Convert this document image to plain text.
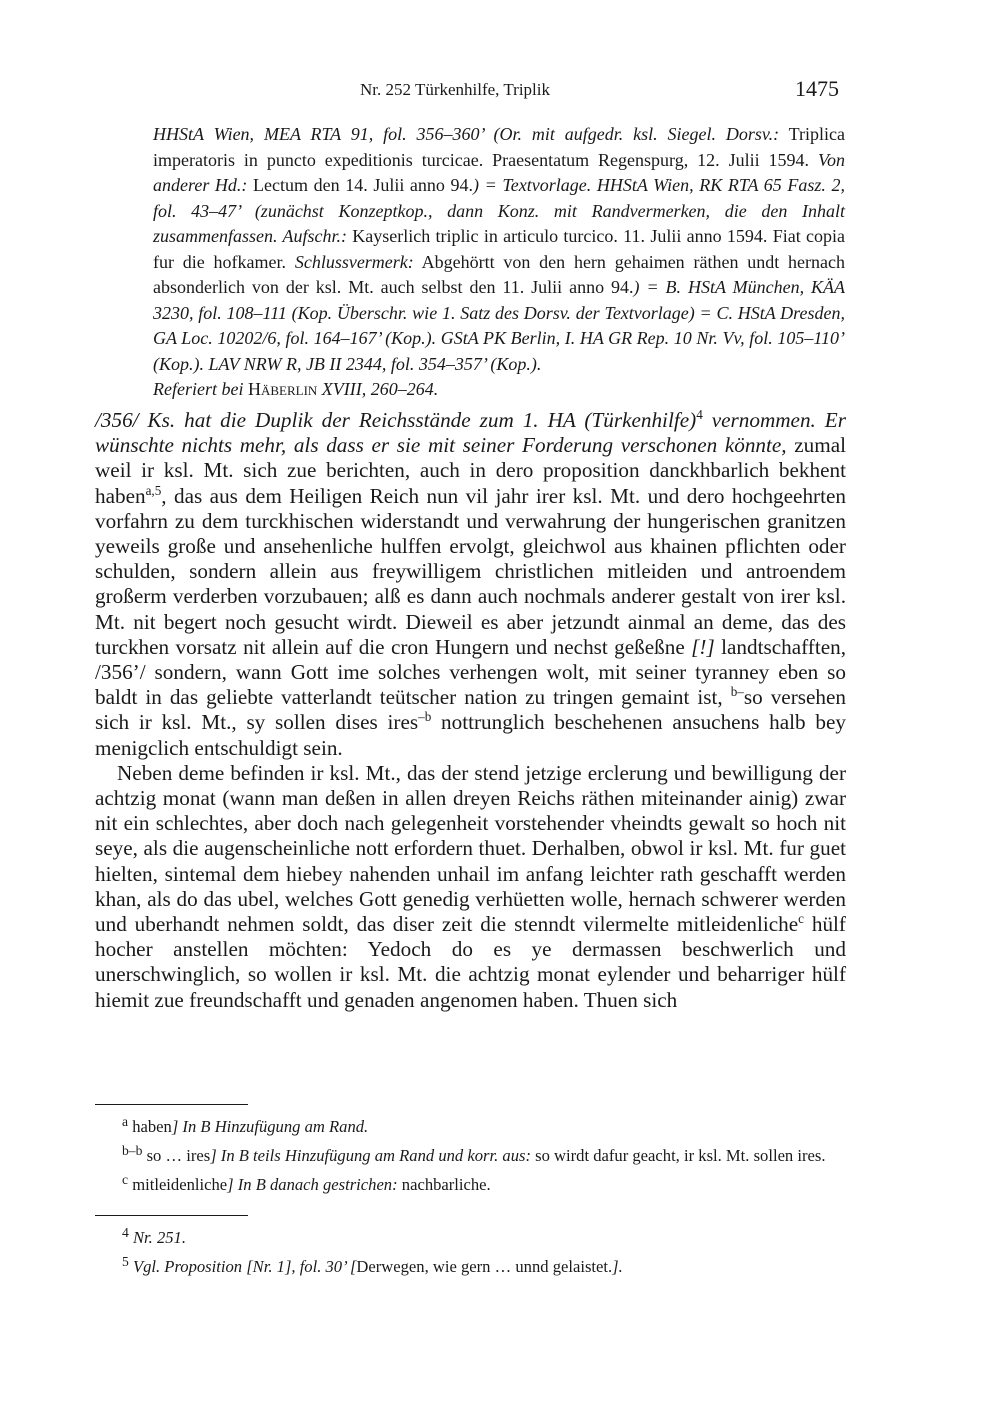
Nr. 252 Türkenhilfe, Triplik	1475
HHStA Wien, MEA RTA 91, fol. 356–360’ (Or. mit aufgedr. ksl. Siegel. Dorsv.: Triplica imperatoris in puncto expeditionis turcicae. Praesentatum Regenspurg, 12. Julii 1594. Von anderer Hd.: Lectum den 14. Julii anno 94.) = Textvorlage. HHStA Wien, RK RTA 65 Fasz. 2, fol. 43–47’ (zunächst Konzeptkop., dann Konz. mit Randvermerken, die den Inhalt zusammenfassen. Aufschr.: Kayserlich triplic in articulo turcico. 11. Julii anno 1594. Fiat copia fur die hofkamer. Schlussvermerk: Abgehörtt von den hern gehaimen räthen undt hernach absonderlich von der ksl. Mt. auch selbst den 11. Julii anno 94.) = B. HStA München, KÄA 3230, fol. 108–111 (Kop. Überschr. wie 1. Satz des Dorsv. der Textvorlage) = C. HStA Dresden, GA Loc. 10202/6, fol. 164–167’ (Kop.). GStA PK Berlin, I. HA GR Rep. 10 Nr. Vv, fol. 105–110’ (Kop.). LAV NRW R, JB II 2344, fol. 354–357’ (Kop.).
Referiert bei Häberlin XVIII, 260–264.

/356/ Ks. hat die Duplik der Reichsstände zum 1. HA (Türkenhilfe)$^4$ vernommen. Er wünschte nichts mehr, als dass er sie mit seiner Forderung verschonen könnte, zumal weil ir ksl. Mt. sich zue berichten, auch in dero proposition danckhbarlich bekhent haben$^{a,5}$, das aus dem Heiligen Reich nun vil jahr irer ksl. Mt. und dero hochgeehrten vorfahrn zu dem turckhischen widerstandt und verwahrung der hungerischen granitzen yeweils große und ansehenliche hulffen ervolgt, gleichwol aus khainen pflichten oder schulden, sondern allein aus freywilligem christlichen mitleiden und antroendem großerm verderben vorzubauen; alß es dann auch nochmals anderer gestalt von irer ksl. Mt. nit begert noch gesucht wirdt. Dieweil es aber jetzundt ainmal an deme, das des turckhen vorsatz nit allein auf die cron Hungern und nechst geßeßne [!] landtschafften, /356’/ sondern, wann Gott ime solches verhengen wolt, mit seiner tyranney eben so baldt in das geliebte vatterlandt teütscher nation zu tringen gemaint ist, $^{b-}$so versehen sich ir ksl. Mt., sy sollen dises ires$^{-b}$ nottrunglich beschehenen ansuchens halb bey menigclich entschuldigt sein.

Neben deme befinden ir ksl. Mt., das der stend jetzige erclerung und bewilligung der achtzig monat (wann man deßen in allen dreyen Reichs räthen miteinander ainig) zwar nit ein schlechtes, aber doch nach gelegenheit vorstehender vheindts gewalt so hoch nit seye, als die augenscheinliche nott erfordern thuet. Derhalben, obwol ir ksl. Mt. fur guet hielten, sintemal dem hiebey nahenden unhail im anfang leichter rath geschafft werden khan, als do das ubel, welches Gott genedig verhüetten wolle, hernach schwerer werden und uberhandt nehmen soldt, das diser zeit die stenndt vilermelte mitleidenliche$^c$ hülf hocher anstellen möchten: Yedoch do es ye dermassen beschwerlich und unerschwinglich, so wollen ir ksl. Mt. die achtzig monat eylender und beharriger hülf hiemit zue freundschafft und genaden angenomen haben. Thuen sich

$^a$ haben] In B Hinzufügung am Rand.

$^{b-b}$ so … ires] In B teils Hinzufügung am Rand und korr. aus: so wirdt dafur geacht, ir ksl. Mt. sollen ires.

$^c$ mitleidenliche] In B danach gestrichen: nachbarliche.

$^4$ Nr. 251.

$^5$ Vgl. Proposition [Nr. 1], fol. 30’ [Derwegen, wie gern … unnd gelaistet.].
